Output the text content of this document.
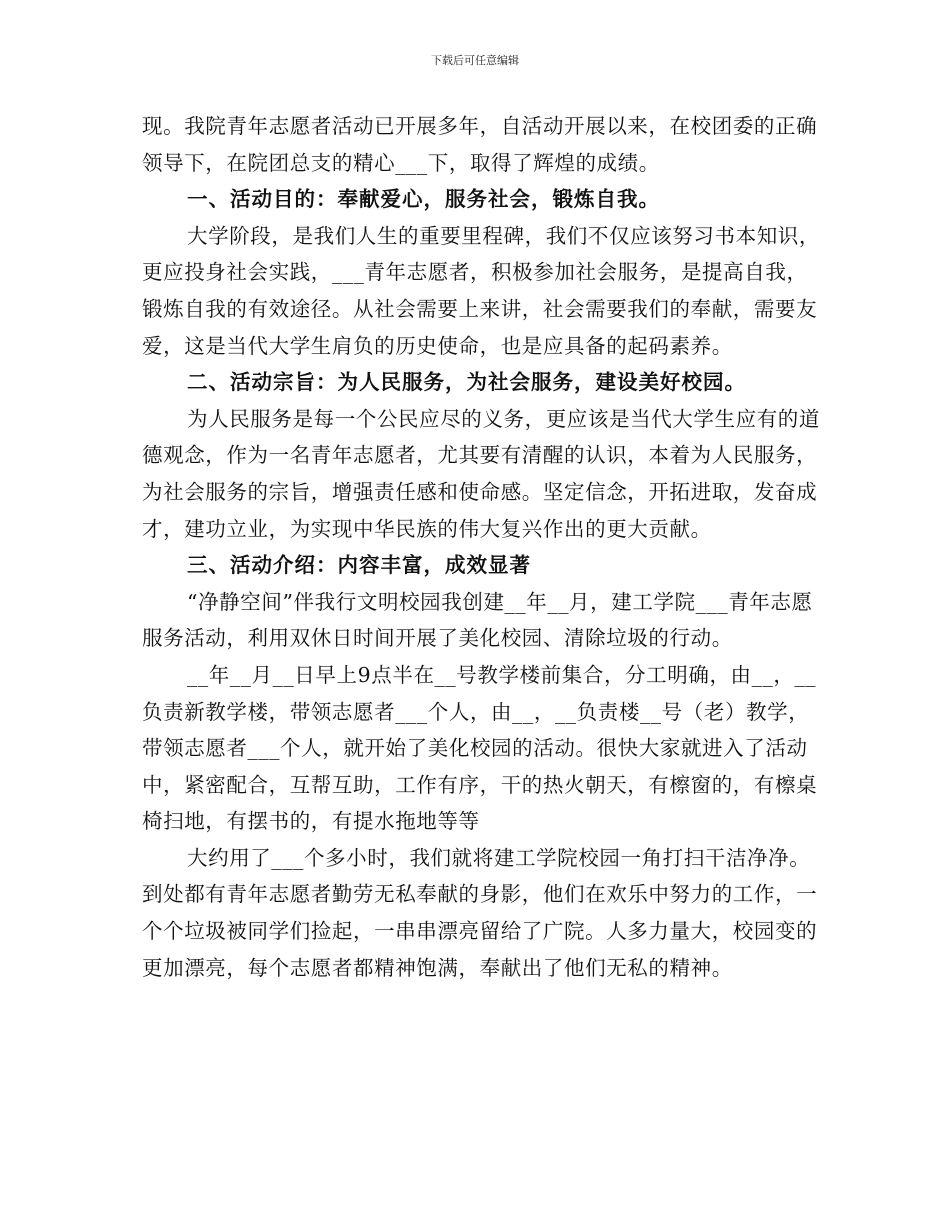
下载后可任意编辑

现。我院青年志愿者活动已开展多年，自活动开展以来，在校团委的正确领导下，在院团总支的精心___下，取得了辉煌的成绩。

一、活动目的：奉献爱心，服务社会，锻炼自我。

大学阶段，是我们人生的重要里程碑，我们不仅应该努习书本知识，更应投身社会实践，___青年志愿者，积极参加社会服务，是提高自我，锻炼自我的有效途径。从社会需要上来讲，社会需要我们的奉献，需要友爱，这是当代大学生肩负的历史使命，也是应具备的起码素养。

二、活动宗旨：为人民服务，为社会服务，建设美好校园。

为人民服务是每一个公民应尽的义务，更应该是当代大学生应有的道德观念，作为一名青年志愿者，尤其要有清醒的认识，本着为人民服务，为社会服务的宗旨，增强责任感和使命感。坚定信念，开拓进取，发奋成才，建功立业，为实现中华民族的伟大复兴作出的更大贡献。

三、活动介绍：内容丰富，成效显著

“净静空间”伴我行文明校园我创建__年__月，建工学院___青年志愿服务活动，利用双休日时间开展了美化校园、清除垃圾的行动。

__年__月__日早上9点半在__号教学楼前集合，分工明确，由__，__负责新教学楼，带领志愿者___个人，由__，__负责楼__号（老）教学，带领志愿者___个人，就开始了美化校园的活动。很快大家就进入了活动中，紧密配合，互帮互助，工作有序，干的热火朝天，有檫窗的，有檫桌椅扫地，有摆书的，有提水拖地等等

大约用了___个多小时，我们就将建工学院校园一角打扫干洁净净。到处都有青年志愿者勤劳无私奉献的身影，他们在欢乐中努力的工作，一个个垃圾被同学们捡起，一串串漂亮留给了广院。人多力量大，校园变的更加漂亮，每个志愿者都精神饱满，奉献出了他们无私的精神。
